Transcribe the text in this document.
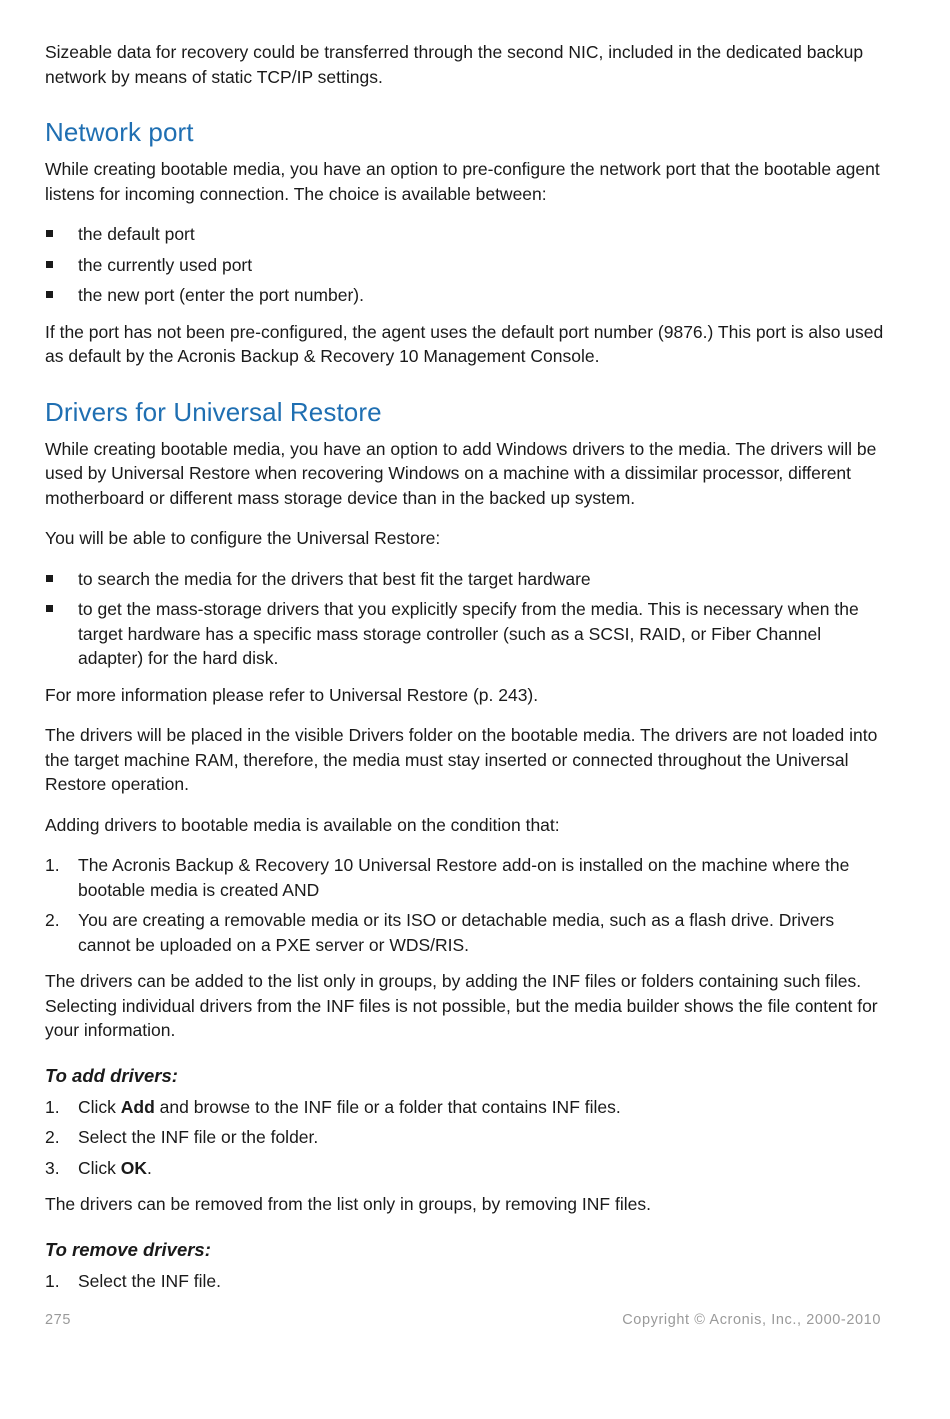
Sizeable data for recovery could be transferred through the second NIC, included in the dedicated backup network by means of static TCP/IP settings.

Network port

While creating bootable media, you have an option to pre-configure the network port that the bootable agent listens for incoming connection. The choice is available between:

the default port
the currently used port
the new port (enter the port number).

If the port has not been pre-configured, the agent uses the default port number (9876.) This port is also used as default by the Acronis Backup & Recovery 10 Management Console.

Drivers for Universal Restore

While creating bootable media, you have an option to add Windows drivers to the media. The drivers will be used by Universal Restore when recovering Windows on a machine with a dissimilar processor, different motherboard or different mass storage device than in the backed up system.

You will be able to configure the Universal Restore:

to search the media for the drivers that best fit the target hardware
to get the mass-storage drivers that you explicitly specify from the media. This is necessary when the target hardware has a specific mass storage controller (such as a SCSI, RAID, or Fiber Channel adapter) for the hard disk.

For more information please refer to Universal Restore (p. 243).

The drivers will be placed in the visible Drivers folder on the bootable media. The drivers are not loaded into the target machine RAM, therefore, the media must stay inserted or connected throughout the Universal Restore operation.

Adding drivers to bootable media is available on the condition that:

1. The Acronis Backup & Recovery 10 Universal Restore add-on is installed on the machine where the bootable media is created AND
2. You are creating a removable media or its ISO or detachable media, such as a flash drive. Drivers cannot be uploaded on a PXE server or WDS/RIS.

The drivers can be added to the list only in groups, by adding the INF files or folders containing such files. Selecting individual drivers from the INF files is not possible, but the media builder shows the file content for your information.

To add drivers:
1. Click Add and browse to the INF file or a folder that contains INF files.
2. Select the INF file or the folder.
3. Click OK.

The drivers can be removed from the list only in groups, by removing INF files.

To remove drivers:
1. Select the INF file.
275	Copyright © Acronis, Inc., 2000-2010
